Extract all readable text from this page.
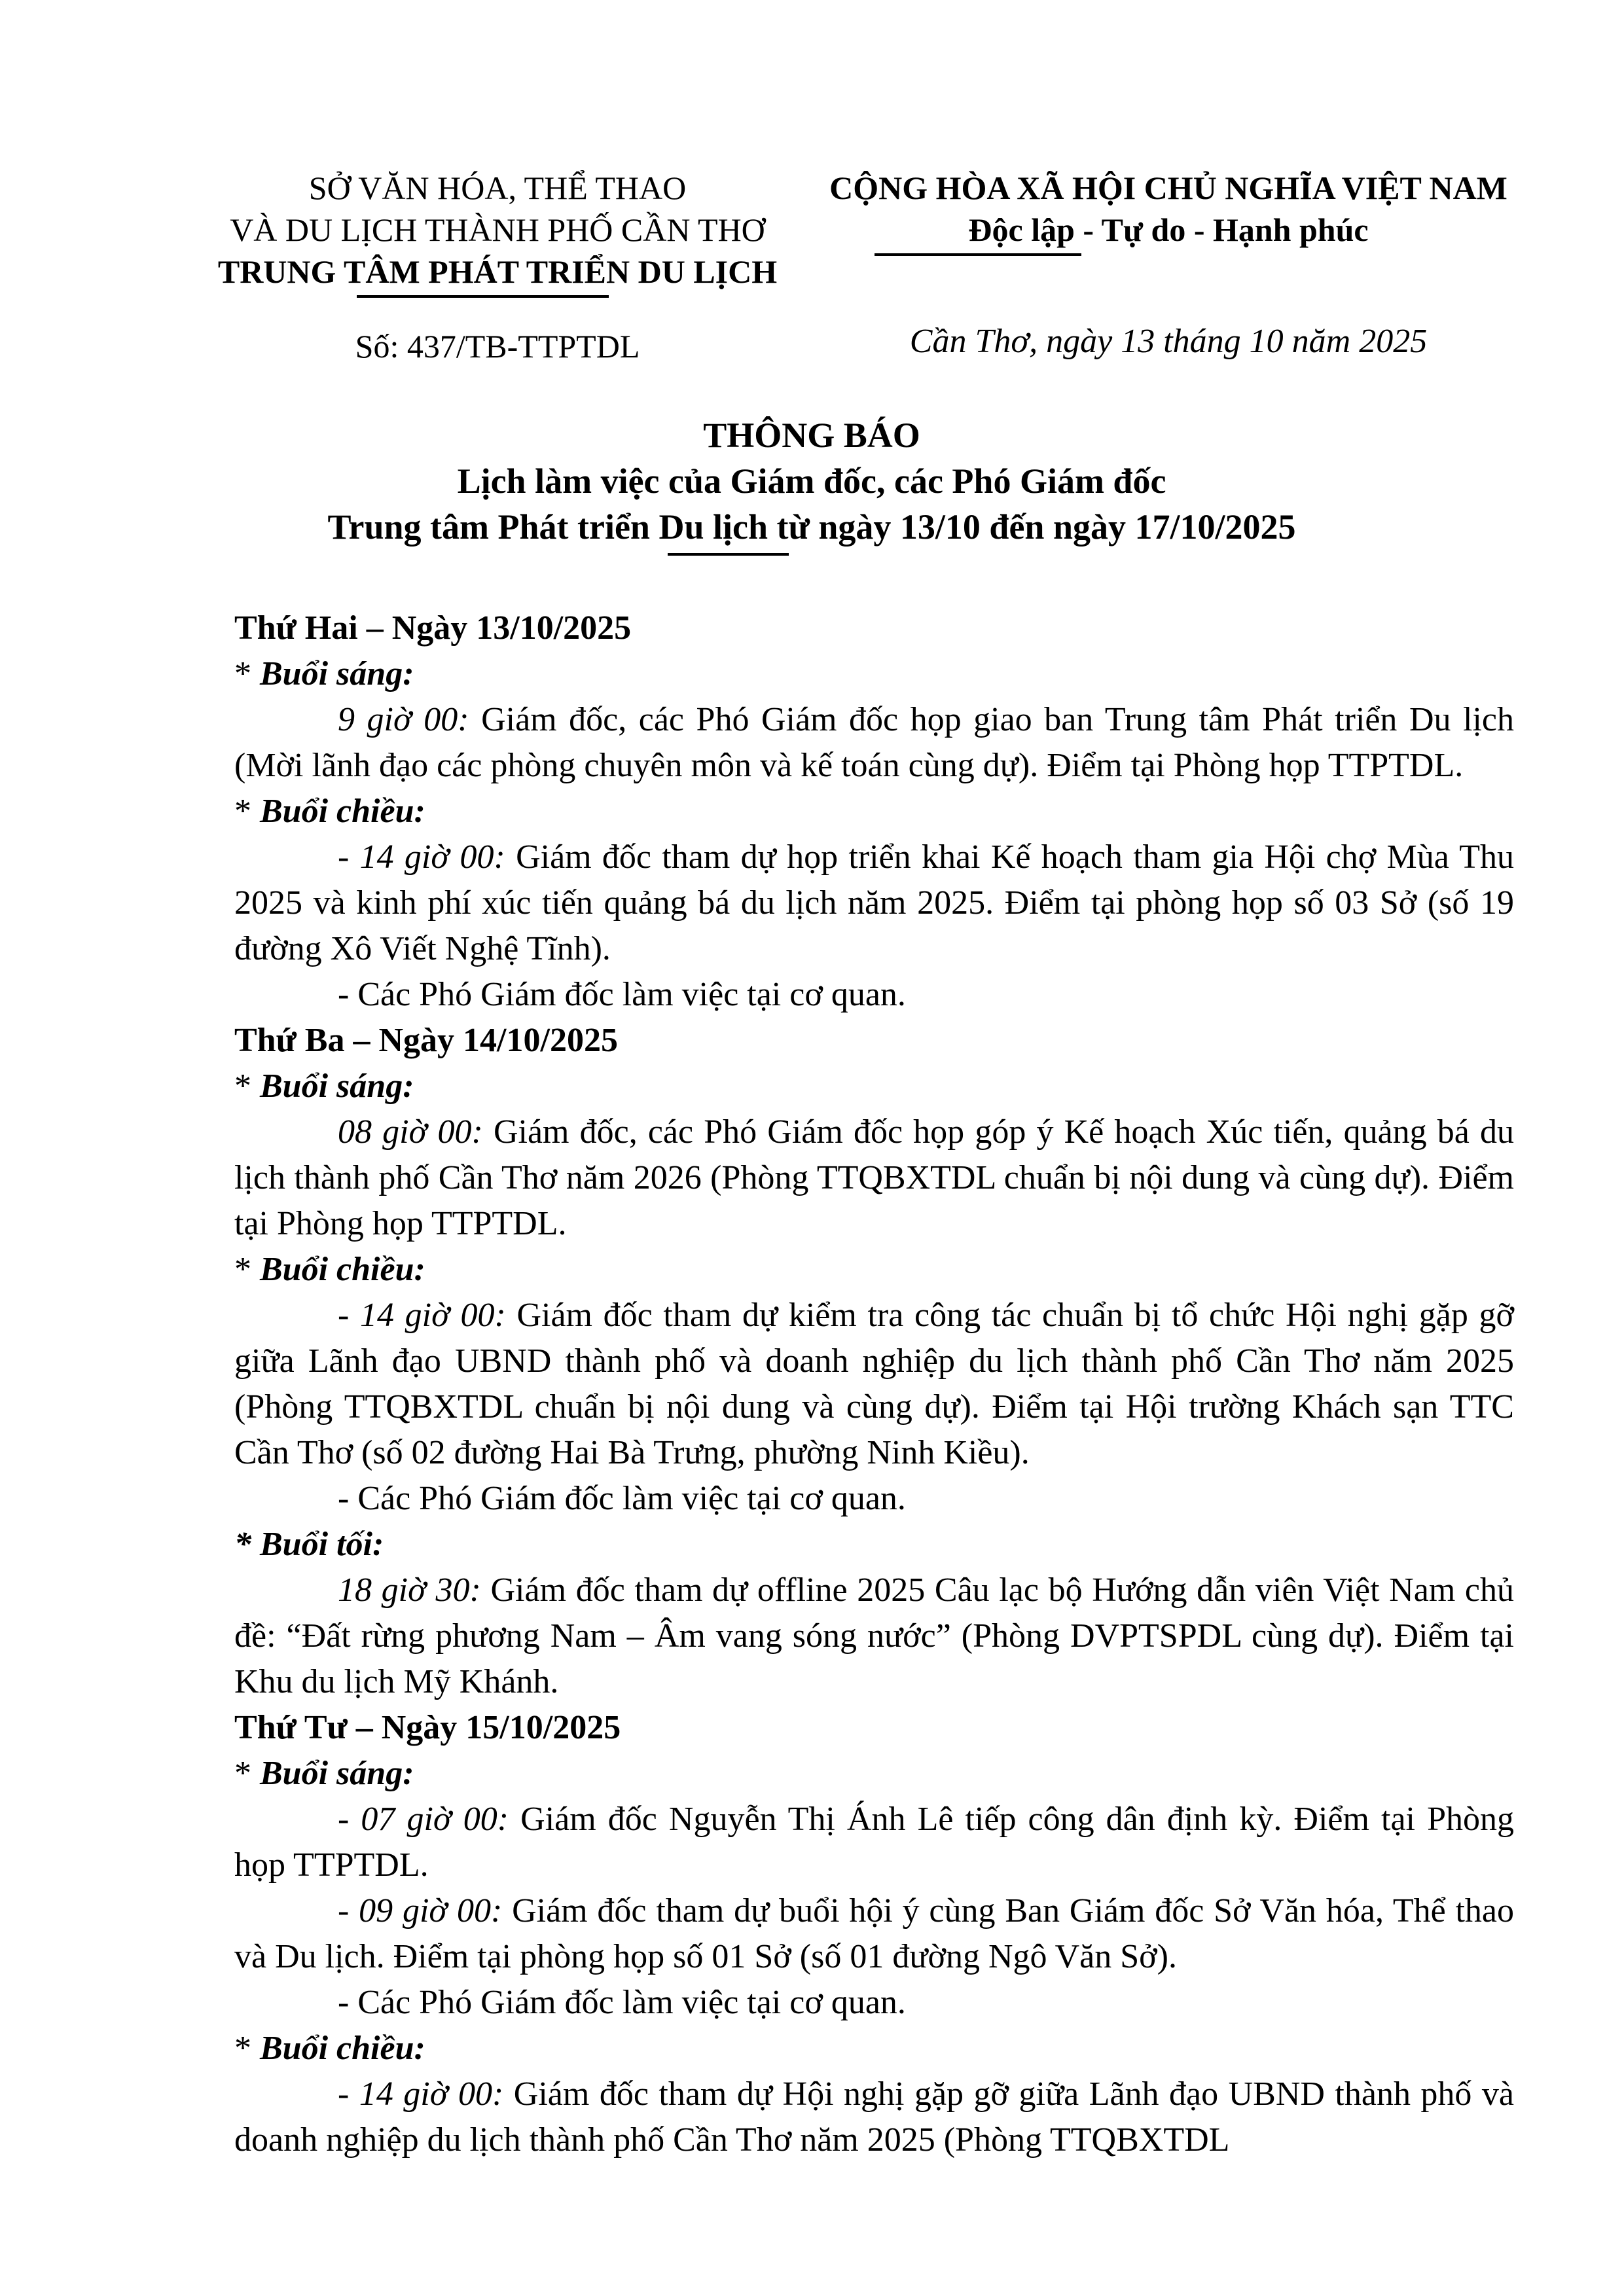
SỞ VĂN HÓA, THỂ THAO
VÀ DU LỊCH THÀNH PHỐ CẦN THƠ
TRUNG TÂM PHÁT TRIỂN DU LỊCH
CỘNG HÒA XÃ HỘI CHỦ NGHĨA VIỆT NAM
Độc lập - Tự do - Hạnh phúc
Số: 437/TB-TTPTDL	Cần Thơ, ngày 13 tháng 10 năm 2025
THÔNG BÁO
Lịch làm việc của Giám đốc, các Phó Giám đốc
Trung tâm Phát triển Du lịch từ ngày 13/10 đến ngày 17/10/2025

Thứ Hai – Ngày 13/10/2025

* Buổi sáng:

9 giờ 00: Giám đốc, các Phó Giám đốc họp giao ban Trung tâm Phát triển Du lịch (Mời lãnh đạo các phòng chuyên môn và kế toán cùng dự). Điểm tại Phòng họp TTPTDL.

* Buổi chiều:

- 14 giờ 00: Giám đốc tham dự họp triển khai Kế hoạch tham gia Hội chợ Mùa Thu 2025 và kinh phí xúc tiến quảng bá du lịch năm 2025. Điểm tại phòng họp số 03 Sở (số 19 đường Xô Viết Nghệ Tĩnh).

- Các Phó Giám đốc làm việc tại cơ quan.

Thứ Ba – Ngày 14/10/2025

* Buổi sáng:

08 giờ 00: Giám đốc, các Phó Giám đốc họp góp ý Kế hoạch Xúc tiến, quảng bá du lịch thành phố Cần Thơ năm 2026 (Phòng TTQBXTDL chuẩn bị nội dung và cùng dự). Điểm tại Phòng họp TTPTDL.

* Buổi chiều:

- 14 giờ 00: Giám đốc tham dự kiểm tra công tác chuẩn bị tổ chức Hội nghị gặp gỡ giữa Lãnh đạo UBND thành phố và doanh nghiệp du lịch thành phố Cần Thơ năm 2025 (Phòng TTQBXTDL chuẩn bị nội dung và cùng dự). Điểm tại Hội trường Khách sạn TTC Cần Thơ (số 02 đường Hai Bà Trưng, phường Ninh Kiều).

- Các Phó Giám đốc làm việc tại cơ quan.

* Buổi tối:

18 giờ 30: Giám đốc tham dự offline 2025 Câu lạc bộ Hướng dẫn viên Việt Nam chủ đề: “Đất rừng phương Nam – Âm vang sóng nước” (Phòng DVPTSPDL cùng dự). Điểm tại Khu du lịch Mỹ Khánh.

Thứ Tư – Ngày 15/10/2025

* Buổi sáng:

- 07 giờ 00: Giám đốc Nguyễn Thị Ánh Lê tiếp công dân định kỳ. Điểm tại Phòng họp TTPTDL.

- 09 giờ 00: Giám đốc tham dự buổi hội ý cùng Ban Giám đốc Sở Văn hóa, Thể thao và Du lịch. Điểm tại phòng họp số 01 Sở (số 01 đường Ngô Văn Sở).

- Các Phó Giám đốc làm việc tại cơ quan.

* Buổi chiều:

- 14 giờ 00: Giám đốc tham dự Hội nghị gặp gỡ giữa Lãnh đạo UBND thành phố và doanh nghiệp du lịch thành phố Cần Thơ năm 2025 (Phòng TTQBXTDL
